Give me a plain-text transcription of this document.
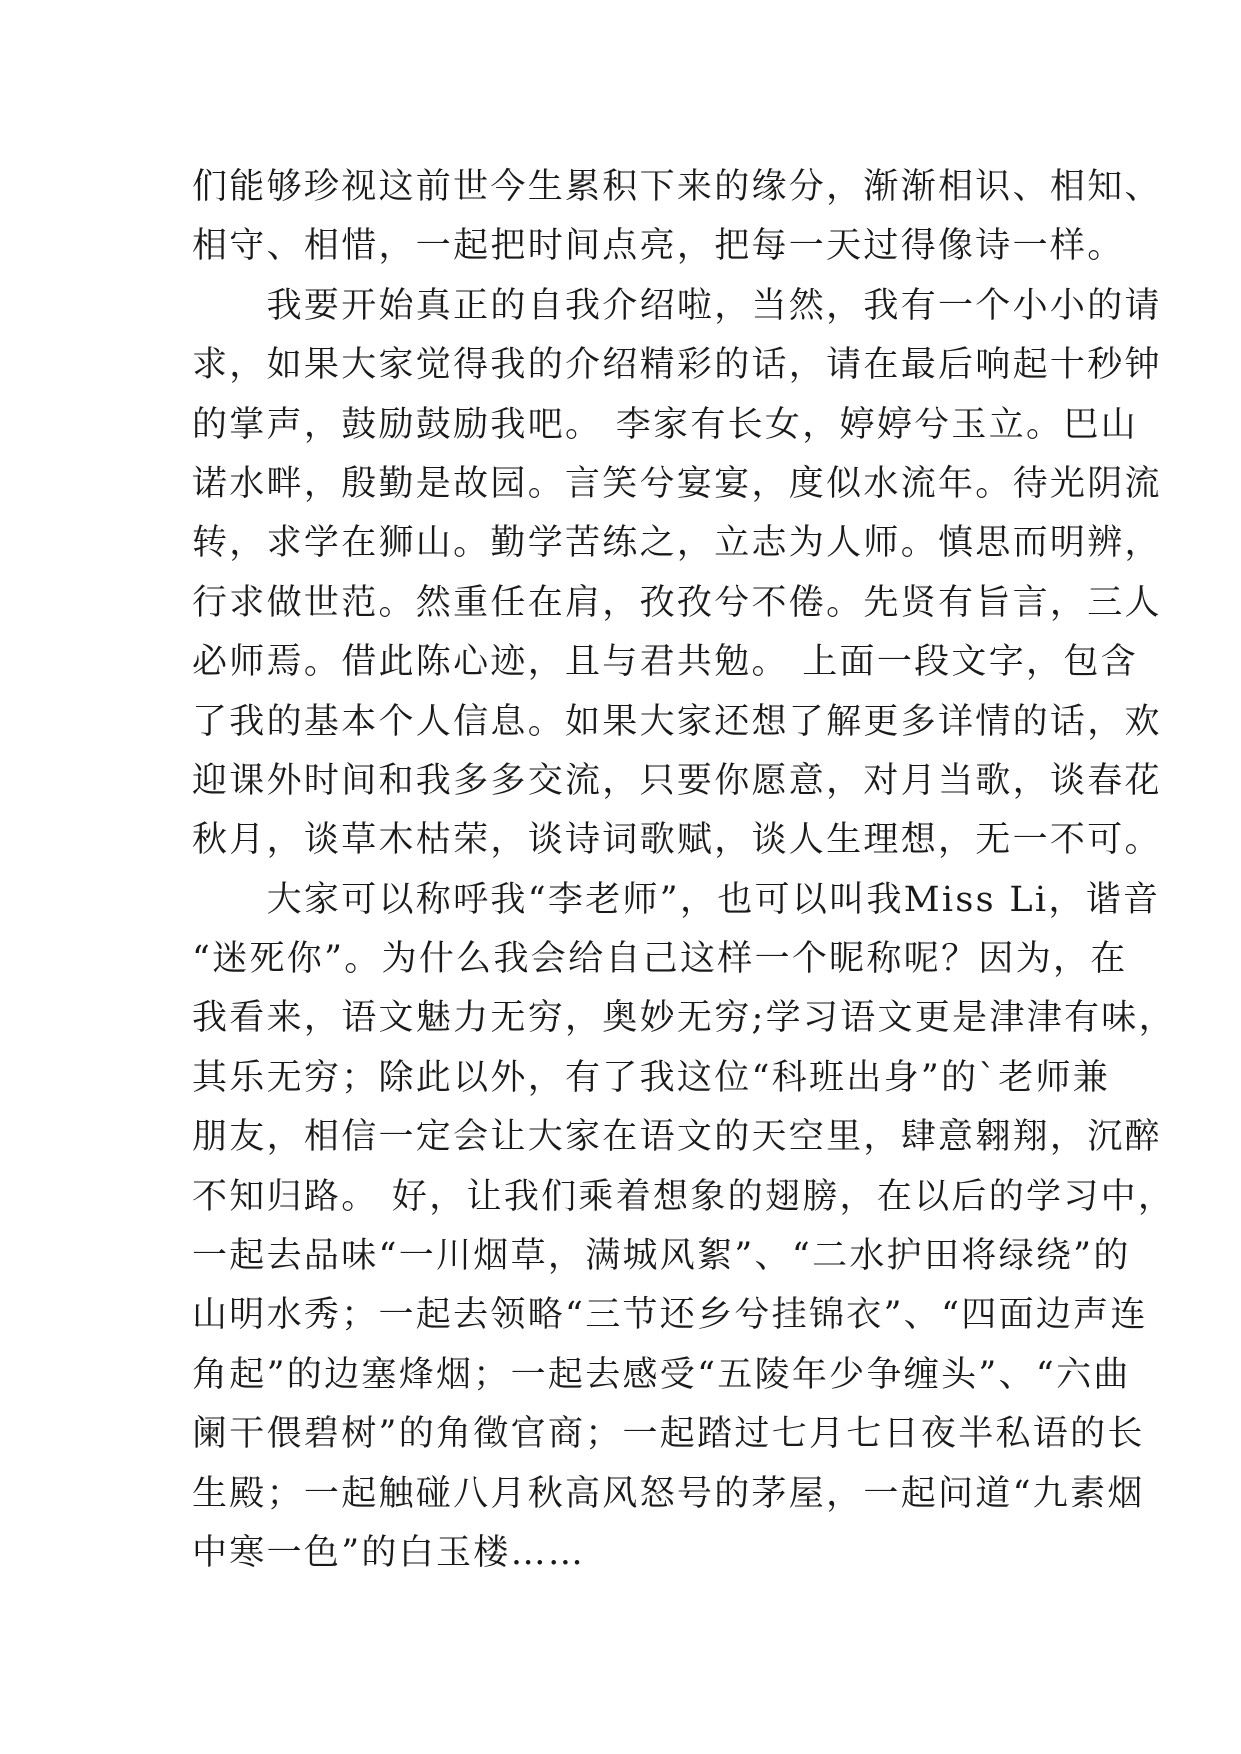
们能够珍视这前世今生累积下来的缘分，渐渐相识、相知、
相守、相惜，一起把时间点亮，把每一天过得像诗一样。
　　我要开始真正的自我介绍啦，当然，我有一个小小的请
求，如果大家觉得我的介绍精彩的话，请在最后响起十秒钟
的掌声，鼓励鼓励我吧。 李家有长女，婷婷兮玉立。巴山
诺水畔，殷勤是故园。言笑兮宴宴，度似水流年。待光阴流
转，求学在狮山。勤学苦练之，立志为人师。慎思而明辨，
行求做世范。然重任在肩，孜孜兮不倦。先贤有旨言，三人
必师焉。借此陈心迹，且与君共勉。 上面一段文字，包含
了我的基本个人信息。如果大家还想了解更多详情的话，欢
迎课外时间和我多多交流，只要你愿意，对月当歌，谈春花
秋月，谈草木枯荣，谈诗词歌赋，谈人生理想，无一不可。
　　大家可以称呼我“李老师”，也可以叫我Miss Li，谐音
“迷死你”。为什么我会给自己这样一个昵称呢？因为，在
我看来，语文魅力无穷，奥妙无穷;学习语文更是津津有味，
其乐无穷；除此以外，有了我这位“科班出身”的`老师兼
朋友，相信一定会让大家在语文的天空里，肆意翱翔，沉醉
不知归路。 好，让我们乘着想象的翅膀，在以后的学习中，
一起去品味“一川烟草，满城风絮”、“二水护田将绿绕”的
山明水秀；一起去领略“三节还乡兮挂锦衣”、“四面边声连
角起”的边塞烽烟；一起去感受“五陵年少争缠头”、“六曲
阑干偎碧树”的角徵官商；一起踏过七月七日夜半私语的长
生殿；一起触碰八月秋高风怒号的茅屋，一起问道“九素烟
中寒一色”的白玉楼……
